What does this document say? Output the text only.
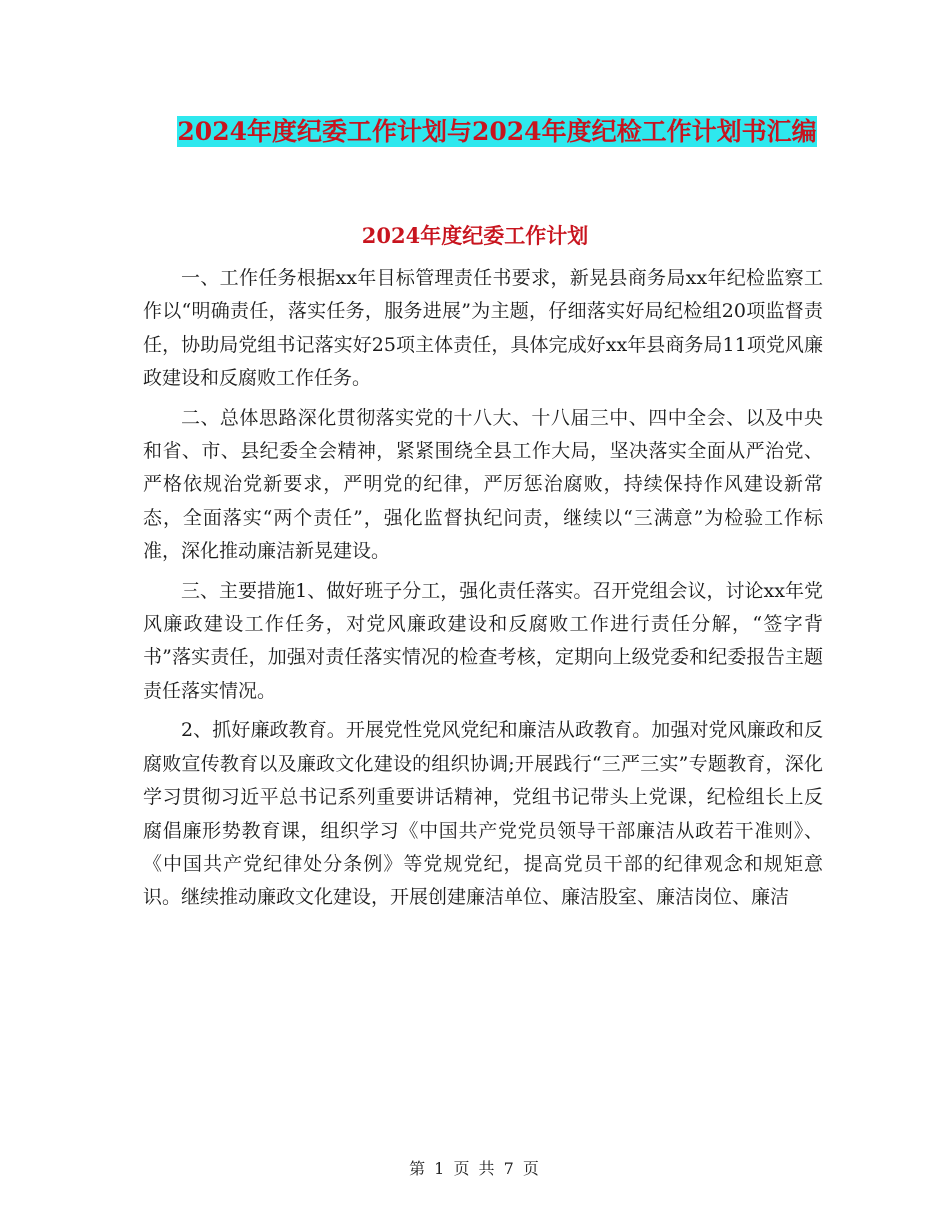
2024年度纪委工作计划与2024年度纪检工作计划书汇编
2024年度纪委工作计划

一、工作任务根据xx年目标管理责任书要求，新晃县商务局xx年纪检监察工作以“明确责任，落实任务，服务进展”为主题，仔细落实好局纪检组20项监督责任，协助局党组书记落实好25项主体责任，具体完成好xx年县商务局11项党风廉政建设和反腐败工作任务。

二、总体思路深化贯彻落实党的十八大、十八届三中、四中全会、以及中央和省、市、县纪委全会精神，紧紧围绕全县工作大局，坚决落实全面从严治党、严格依规治党新要求，严明党的纪律，严厉惩治腐败，持续保持作风建设新常态，全面落实“两个责任”，强化监督执纪问责，继续以“三满意”为检验工作标准，深化推动廉洁新晃建设。

三、主要措施1、做好班子分工，强化责任落实。召开党组会议，讨论xx年党风廉政建设工作任务，对党风廉政建设和反腐败工作进行责任分解，“签字背书”落实责任，加强对责任落实情况的检查考核，定期向上级党委和纪委报告主题责任落实情况。

2、抓好廉政教育。开展党性党风党纪和廉洁从政教育。加强对党风廉政和反腐败宣传教育以及廉政文化建设的组织协调;开展践行“三严三实”专题教育，深化学习贯彻习近平总书记系列重要讲话精神，党组书记带头上党课，纪检组长上反腐倡廉形势教育课，组织学习《中国共产党党员领导干部廉洁从政若干准则》、《中国共产党纪律处分条例》等党规党纪，提高党员干部的纪律观念和规矩意识。继续推动廉政文化建设，开展创建廉洁单位、廉洁股室、廉洁岗位、廉洁

第 1 页 共 7 页
